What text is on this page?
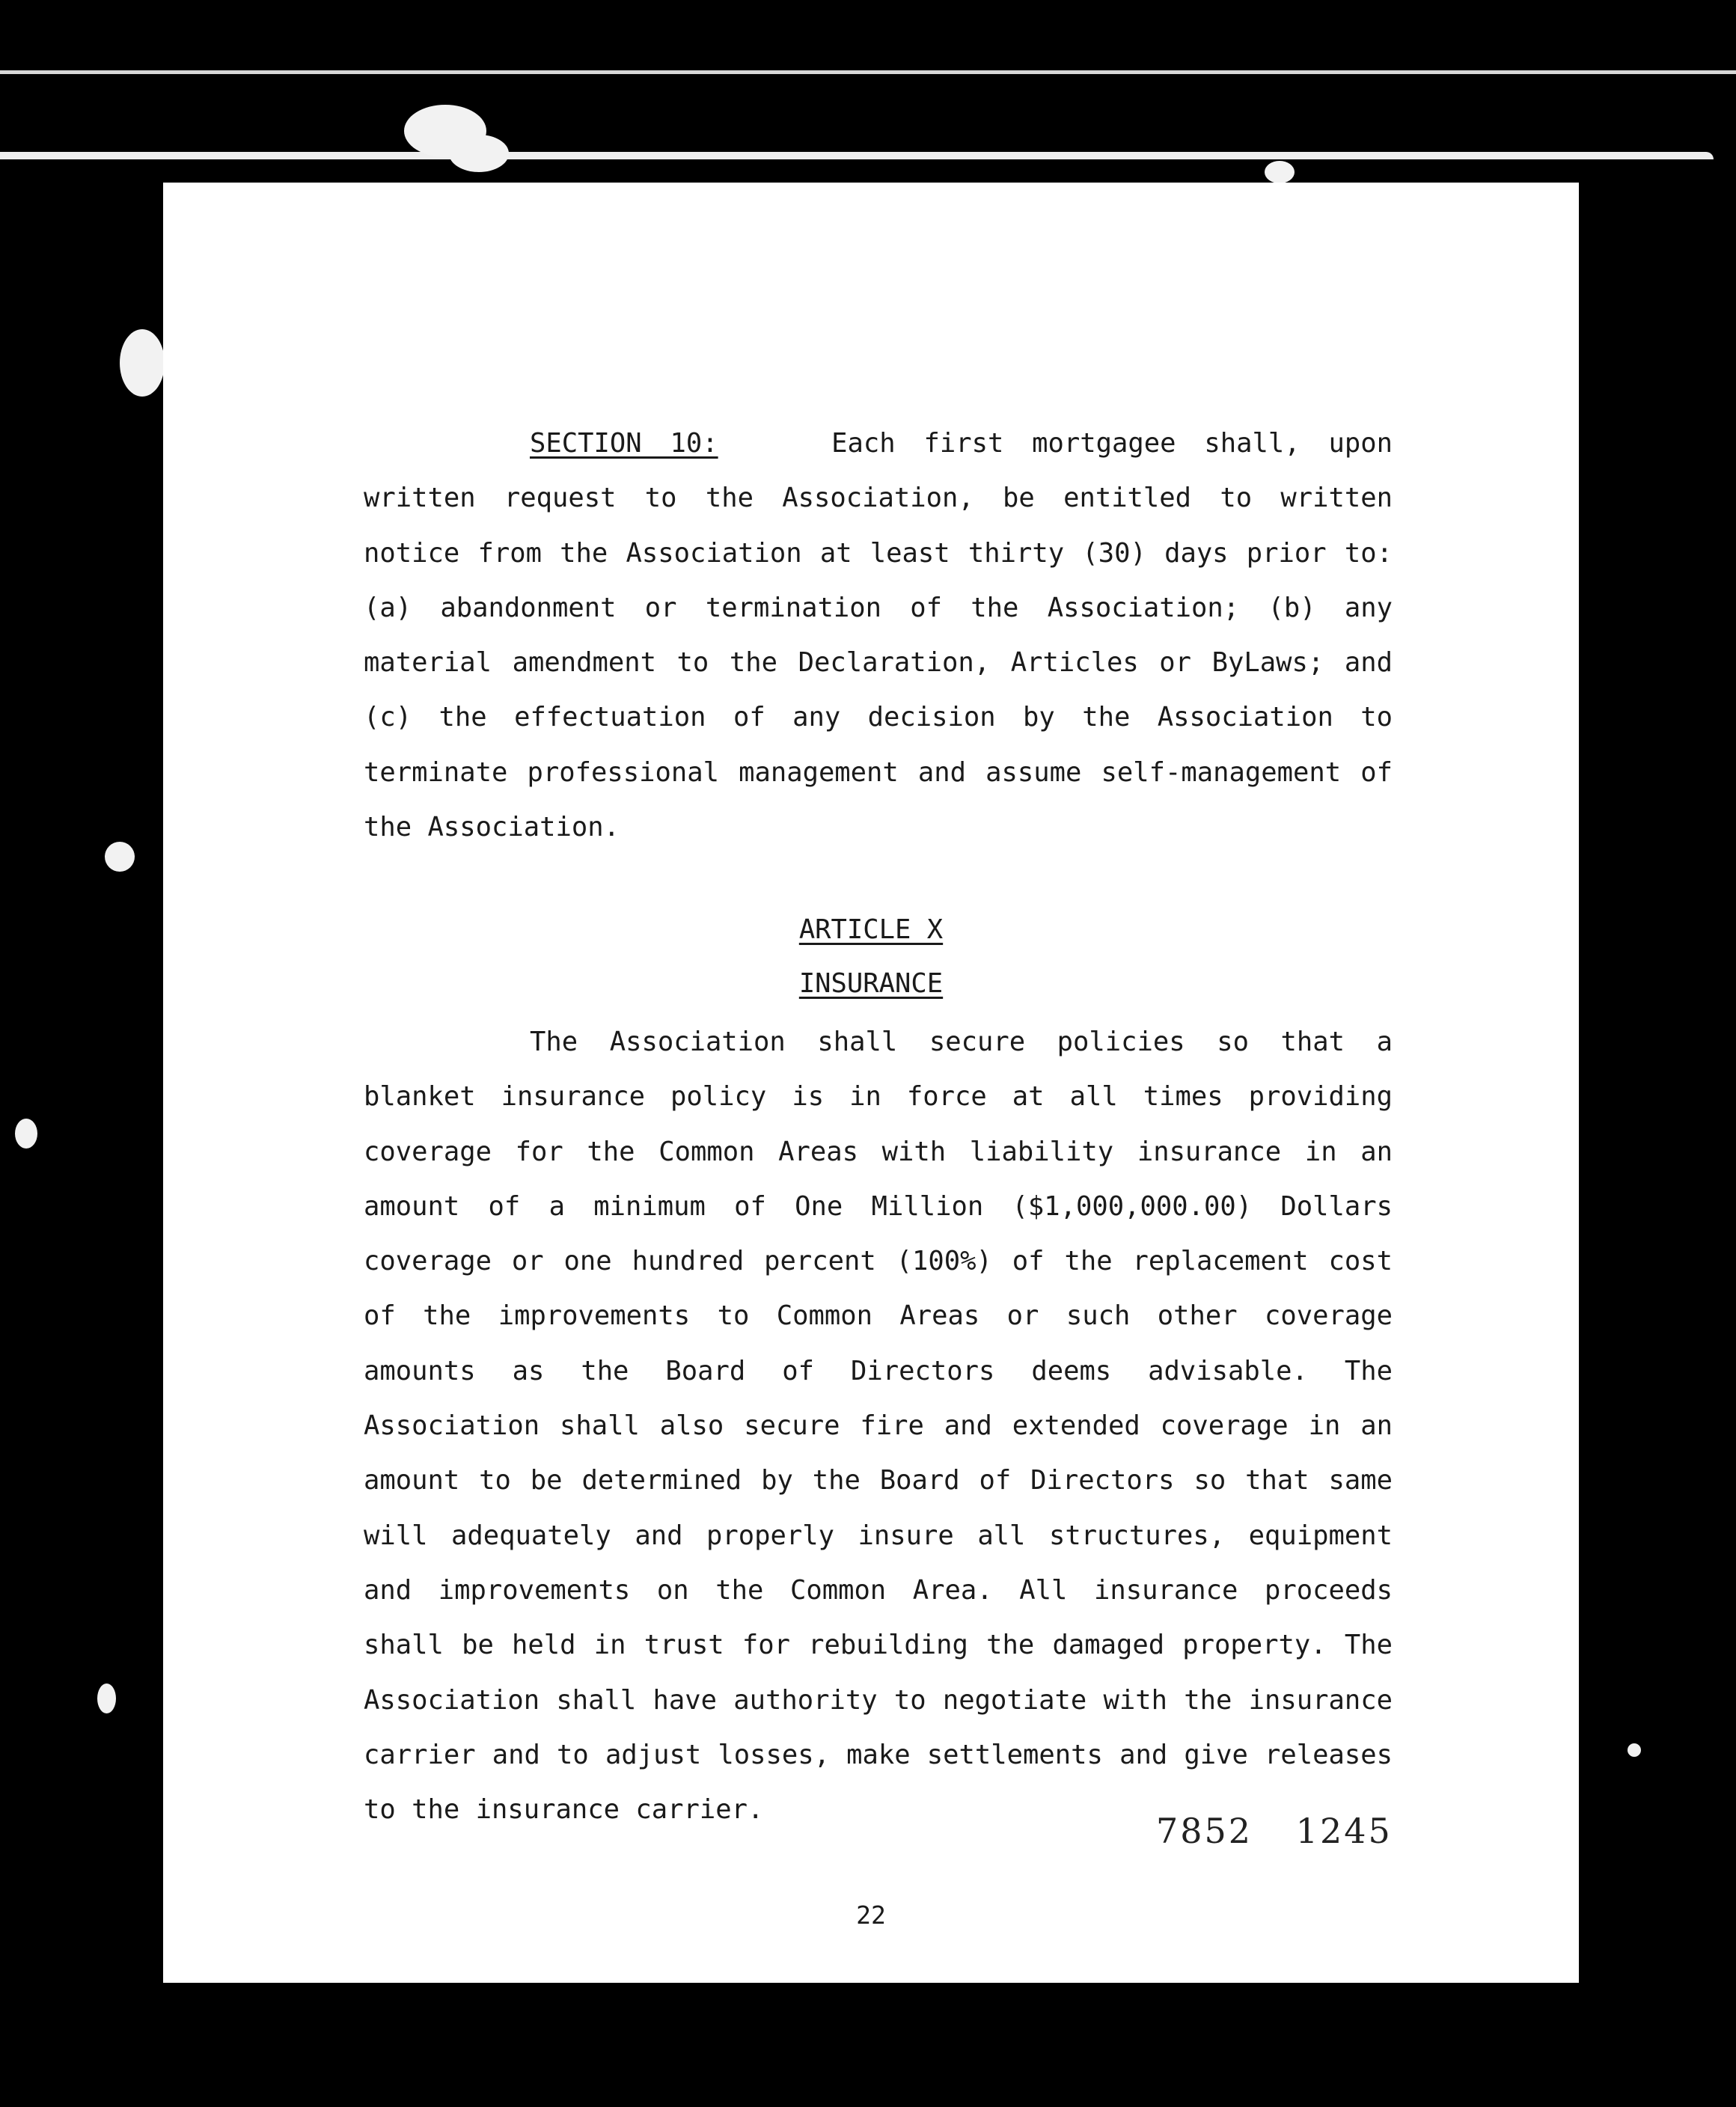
SECTION 10:	Each first mortgagee shall, upon written request to the Association, be entitled to written notice from the Association at least thirty (30) days prior to: (a) abandonment or termination of the Association; (b) any material amendment to the Declaration, Articles or ByLaws; and (c) the effectuation of any decision by the Association to terminate professional management and assume self-management of the Association.

ARTICLE X
INSURANCE

The Association shall secure policies so that a blanket insurance policy is in force at all times providing coverage for the Common Areas with liability insurance in an amount of a minimum of One Million ($1,000,000.00) Dollars coverage or one hundred percent (100%) of the replacement cost of the improvements to Common Areas or such other coverage amounts as the Board of Directors deems advisable. The Association shall also secure fire and extended coverage in an amount to be determined by the Board of Directors so that same will adequately and properly insure all structures, equipment and improvements on the Common Area. All insurance proceeds shall be held in trust for rebuilding the damaged property. The Association shall have authority to negotiate with the insurance carrier and to adjust losses, make settlements and give releases to the insurance carrier.

7852 1245
22
